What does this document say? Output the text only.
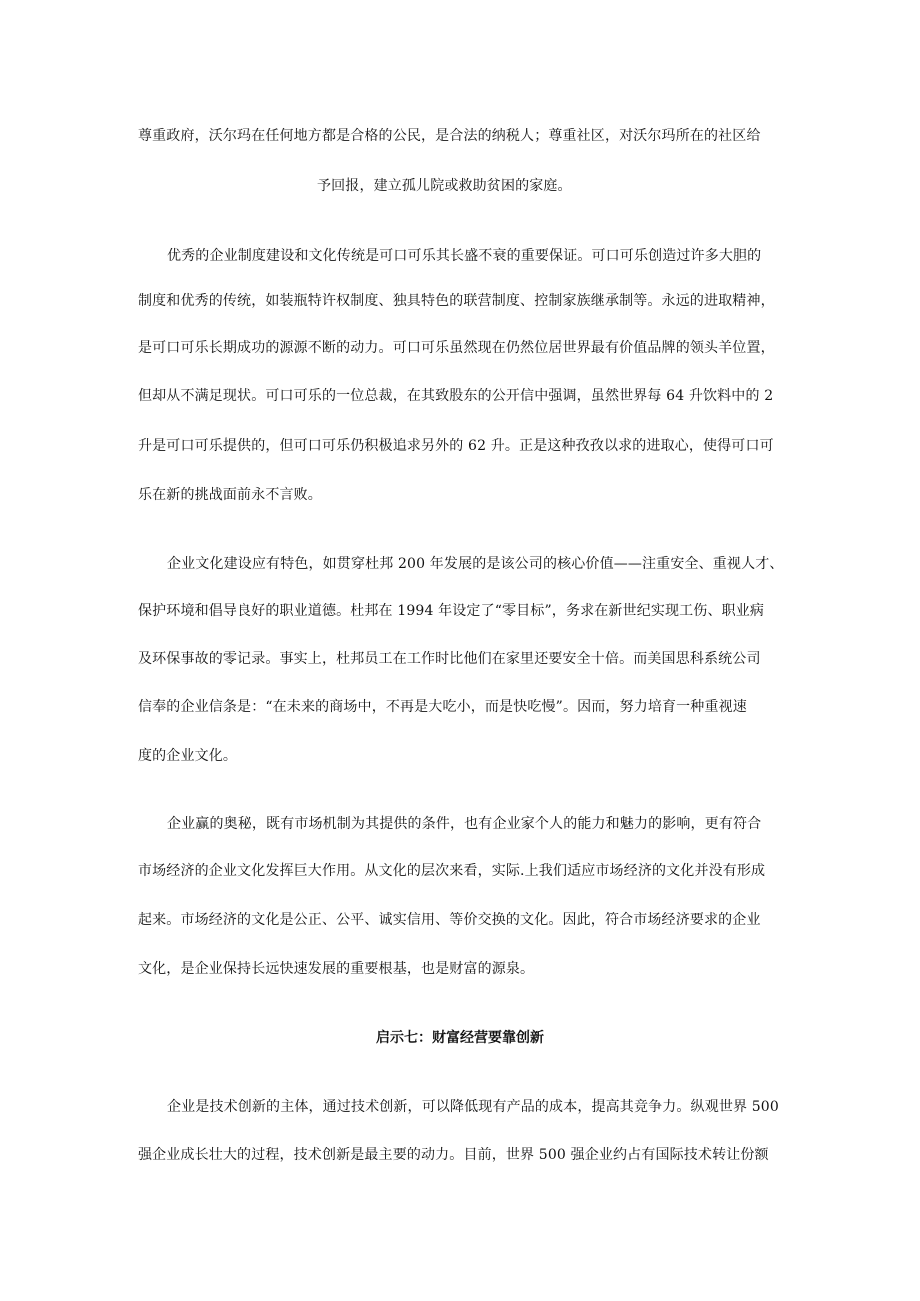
尊重政府，沃尔玛在任何地方都是合格的公民，是合法的纳税人；尊重社区，对沃尔玛所在的社区给
予回报，建立孤儿院或救助贫困的家庭。
优秀的企业制度建设和文化传统是可口可乐其长盛不衰的重要保证。可口可乐创造过许多大胆的
制度和优秀的传统，如装瓶特许权制度、独具特色的联营制度、控制家族继承制等。永远的进取精神，
是可口可乐长期成功的源源不断的动力。可口可乐虽然现在仍然位居世界最有价值品牌的领头羊位置，
但却从不满足现状。可口可乐的一位总裁，在其致股东的公开信中强调，虽然世界每 64 升饮料中的 2
升是可口可乐提供的，但可口可乐仍积极追求另外的 62 升。正是这种孜孜以求的进取心，使得可口可
乐在新的挑战面前永不言败。
企业文化建设应有特色，如贯穿杜邦 200 年发展的是该公司的核心价值——注重安全、重视人才、
保护环境和倡导良好的职业道德。杜邦在 1994 年设定了“零目标”，务求在新世纪实现工伤、职业病
及环保事故的零记录。事实上，杜邦员工在工作时比他们在家里还要安全十倍。而美国思科系统公司
信奉的企业信条是：“在未来的商场中，不再是大吃小，而是快吃慢”。因而，努力培育一种重视速
度的企业文化。
企业赢的奥秘，既有市场机制为其提供的条件，也有企业家个人的能力和魅力的影响，更有符合
市场经济的企业文化发挥巨大作用。从文化的层次来看，实际.上我们适应市场经济的文化并没有形成
起来。市场经济的文化是公正、公平、诚实信用、等价交换的文化。因此，符合市场经济要求的企业
文化，是企业保持长远快速发展的重要根基，也是财富的源泉。
启示七：财富经营要靠创新
企业是技术创新的主体，通过技术创新，可以降低现有产品的成本，提高其竞争力。纵观世界 500
强企业成长壮大的过程，技术创新是最主要的动力。目前，世界 500 强企业约占有国际技术转让份额
